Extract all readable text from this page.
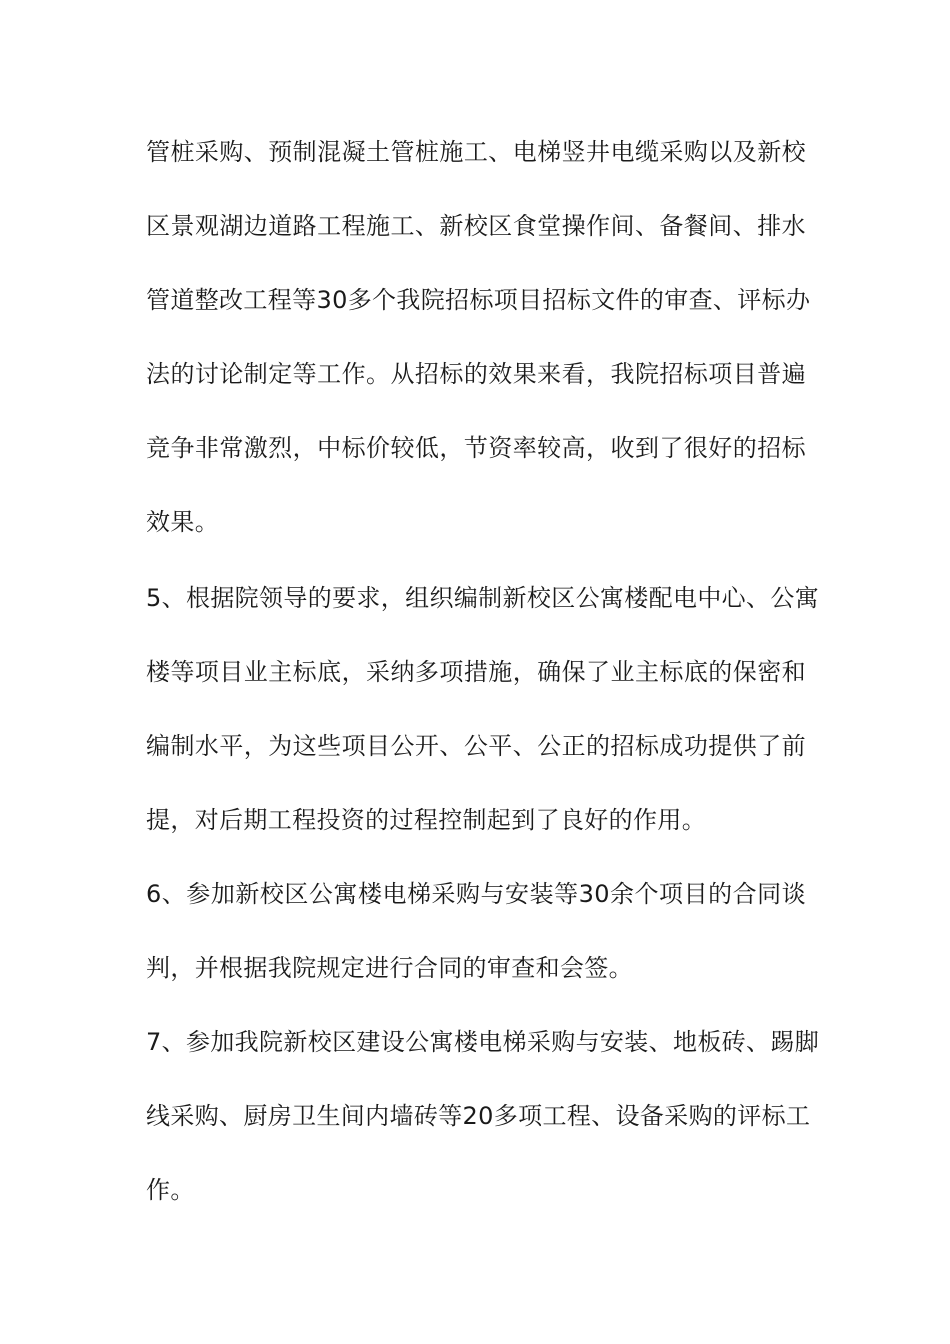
管桩采购、预制混凝土管桩施工、电梯竖井电缆采购以及新校
区景观湖边道路工程施工、新校区食堂操作间、备餐间、排水
管道整改工程等30多个我院招标项目招标文件的审查、评标办
法的讨论制定等工作。从招标的效果来看，我院招标项目普遍
竞争非常激烈，中标价较低，节资率较高，收到了很好的招标
效果。
5、根据院领导的要求，组织编制新校区公寓楼配电中心、公寓
楼等项目业主标底，采纳多项措施，确保了业主标底的保密和
编制水平，为这些项目公开、公平、公正的招标成功提供了前
提，对后期工程投资的过程控制起到了良好的作用。
6、参加新校区公寓楼电梯采购与安装等30余个项目的合同谈
判，并根据我院规定进行合同的审查和会签。
7、参加我院新校区建设公寓楼电梯采购与安装、地板砖、踢脚
线采购、厨房卫生间内墙砖等20多项工程、设备采购的评标工
作。
